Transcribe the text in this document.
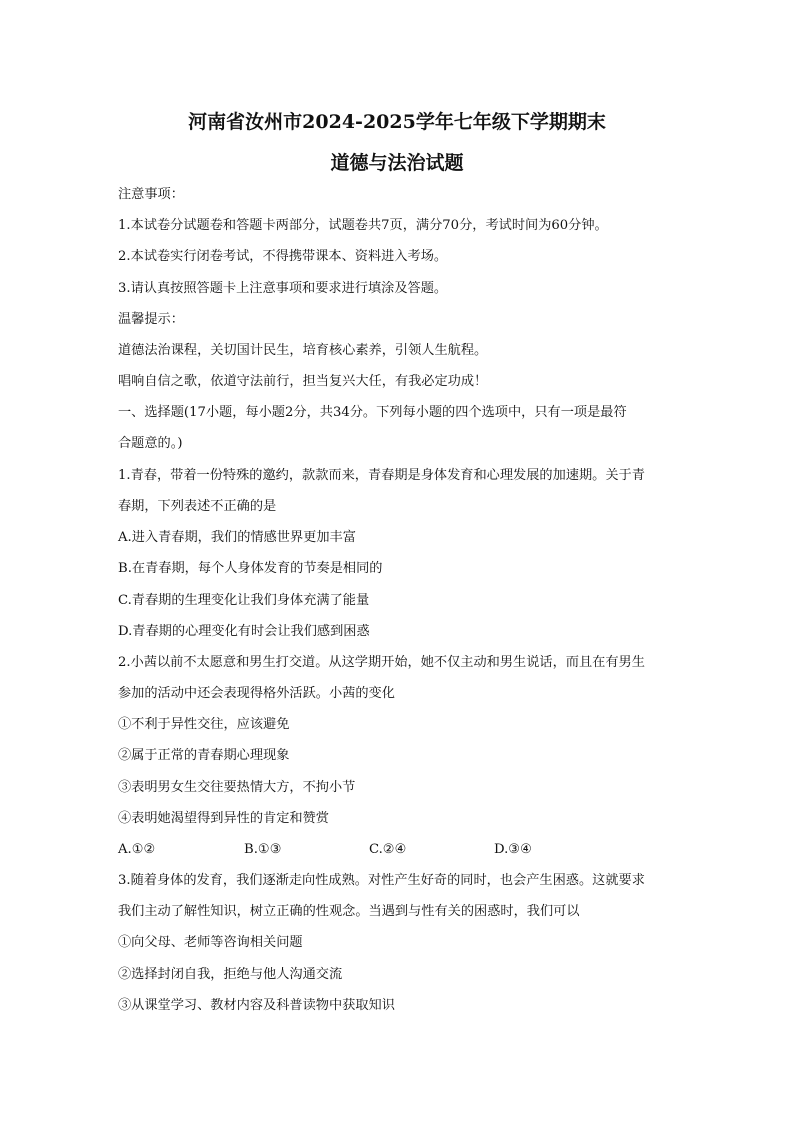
河南省汝州市2024-2025学年七年级下学期期末
道德与法治试题
注意事项：
1.本试卷分试题卷和答题卡两部分，试题卷共7页，满分70分，考试时间为60分钟。
2.本试卷实行闭卷考试，不得携带课本、资料进入考场。
3.请认真按照答题卡上注意事项和要求进行填涂及答题。
温馨提示：
道德法治课程，关切国计民生，培育核心素养，引领人生航程。
唱响自信之歌，依道守法前行，担当复兴大任，有我必定功成！
一、选择题(17小题，每小题2分，共34分。下列每小题的四个选项中，只有一项是最符
合题意的。)
1.青春，带着一份特殊的邀约，款款而来，青春期是身体发育和心理发展的加速期。关于青
春期，下列表述不正确的是
A.进入青春期，我们的情感世界更加丰富
B.在青春期，每个人身体发育的节奏是相同的
C.青春期的生理变化让我们身体充满了能量
D.青春期的心理变化有时会让我们感到困惑
2.小茜以前不太愿意和男生打交道。从这学期开始，她不仅主动和男生说话，而且在有男生
参加的活动中还会表现得格外活跃。小茜的变化
①不利于异性交往，应该避免
②属于正常的青春期心理现象
③表明男女生交往要热情大方，不拘小节
④表明她渴望得到异性的肯定和赞赏
A.①②	B.①③	C.②④	D.③④
3.随着身体的发育，我们逐渐走向性成熟。对性产生好奇的同时，也会产生困惑。这就要求
我们主动了解性知识，树立正确的性观念。当遇到与性有关的困惑时，我们可以
①向父母、老师等咨询相关问题
②选择封闭自我，拒绝与他人沟通交流
③从课堂学习、教材内容及科普读物中获取知识
